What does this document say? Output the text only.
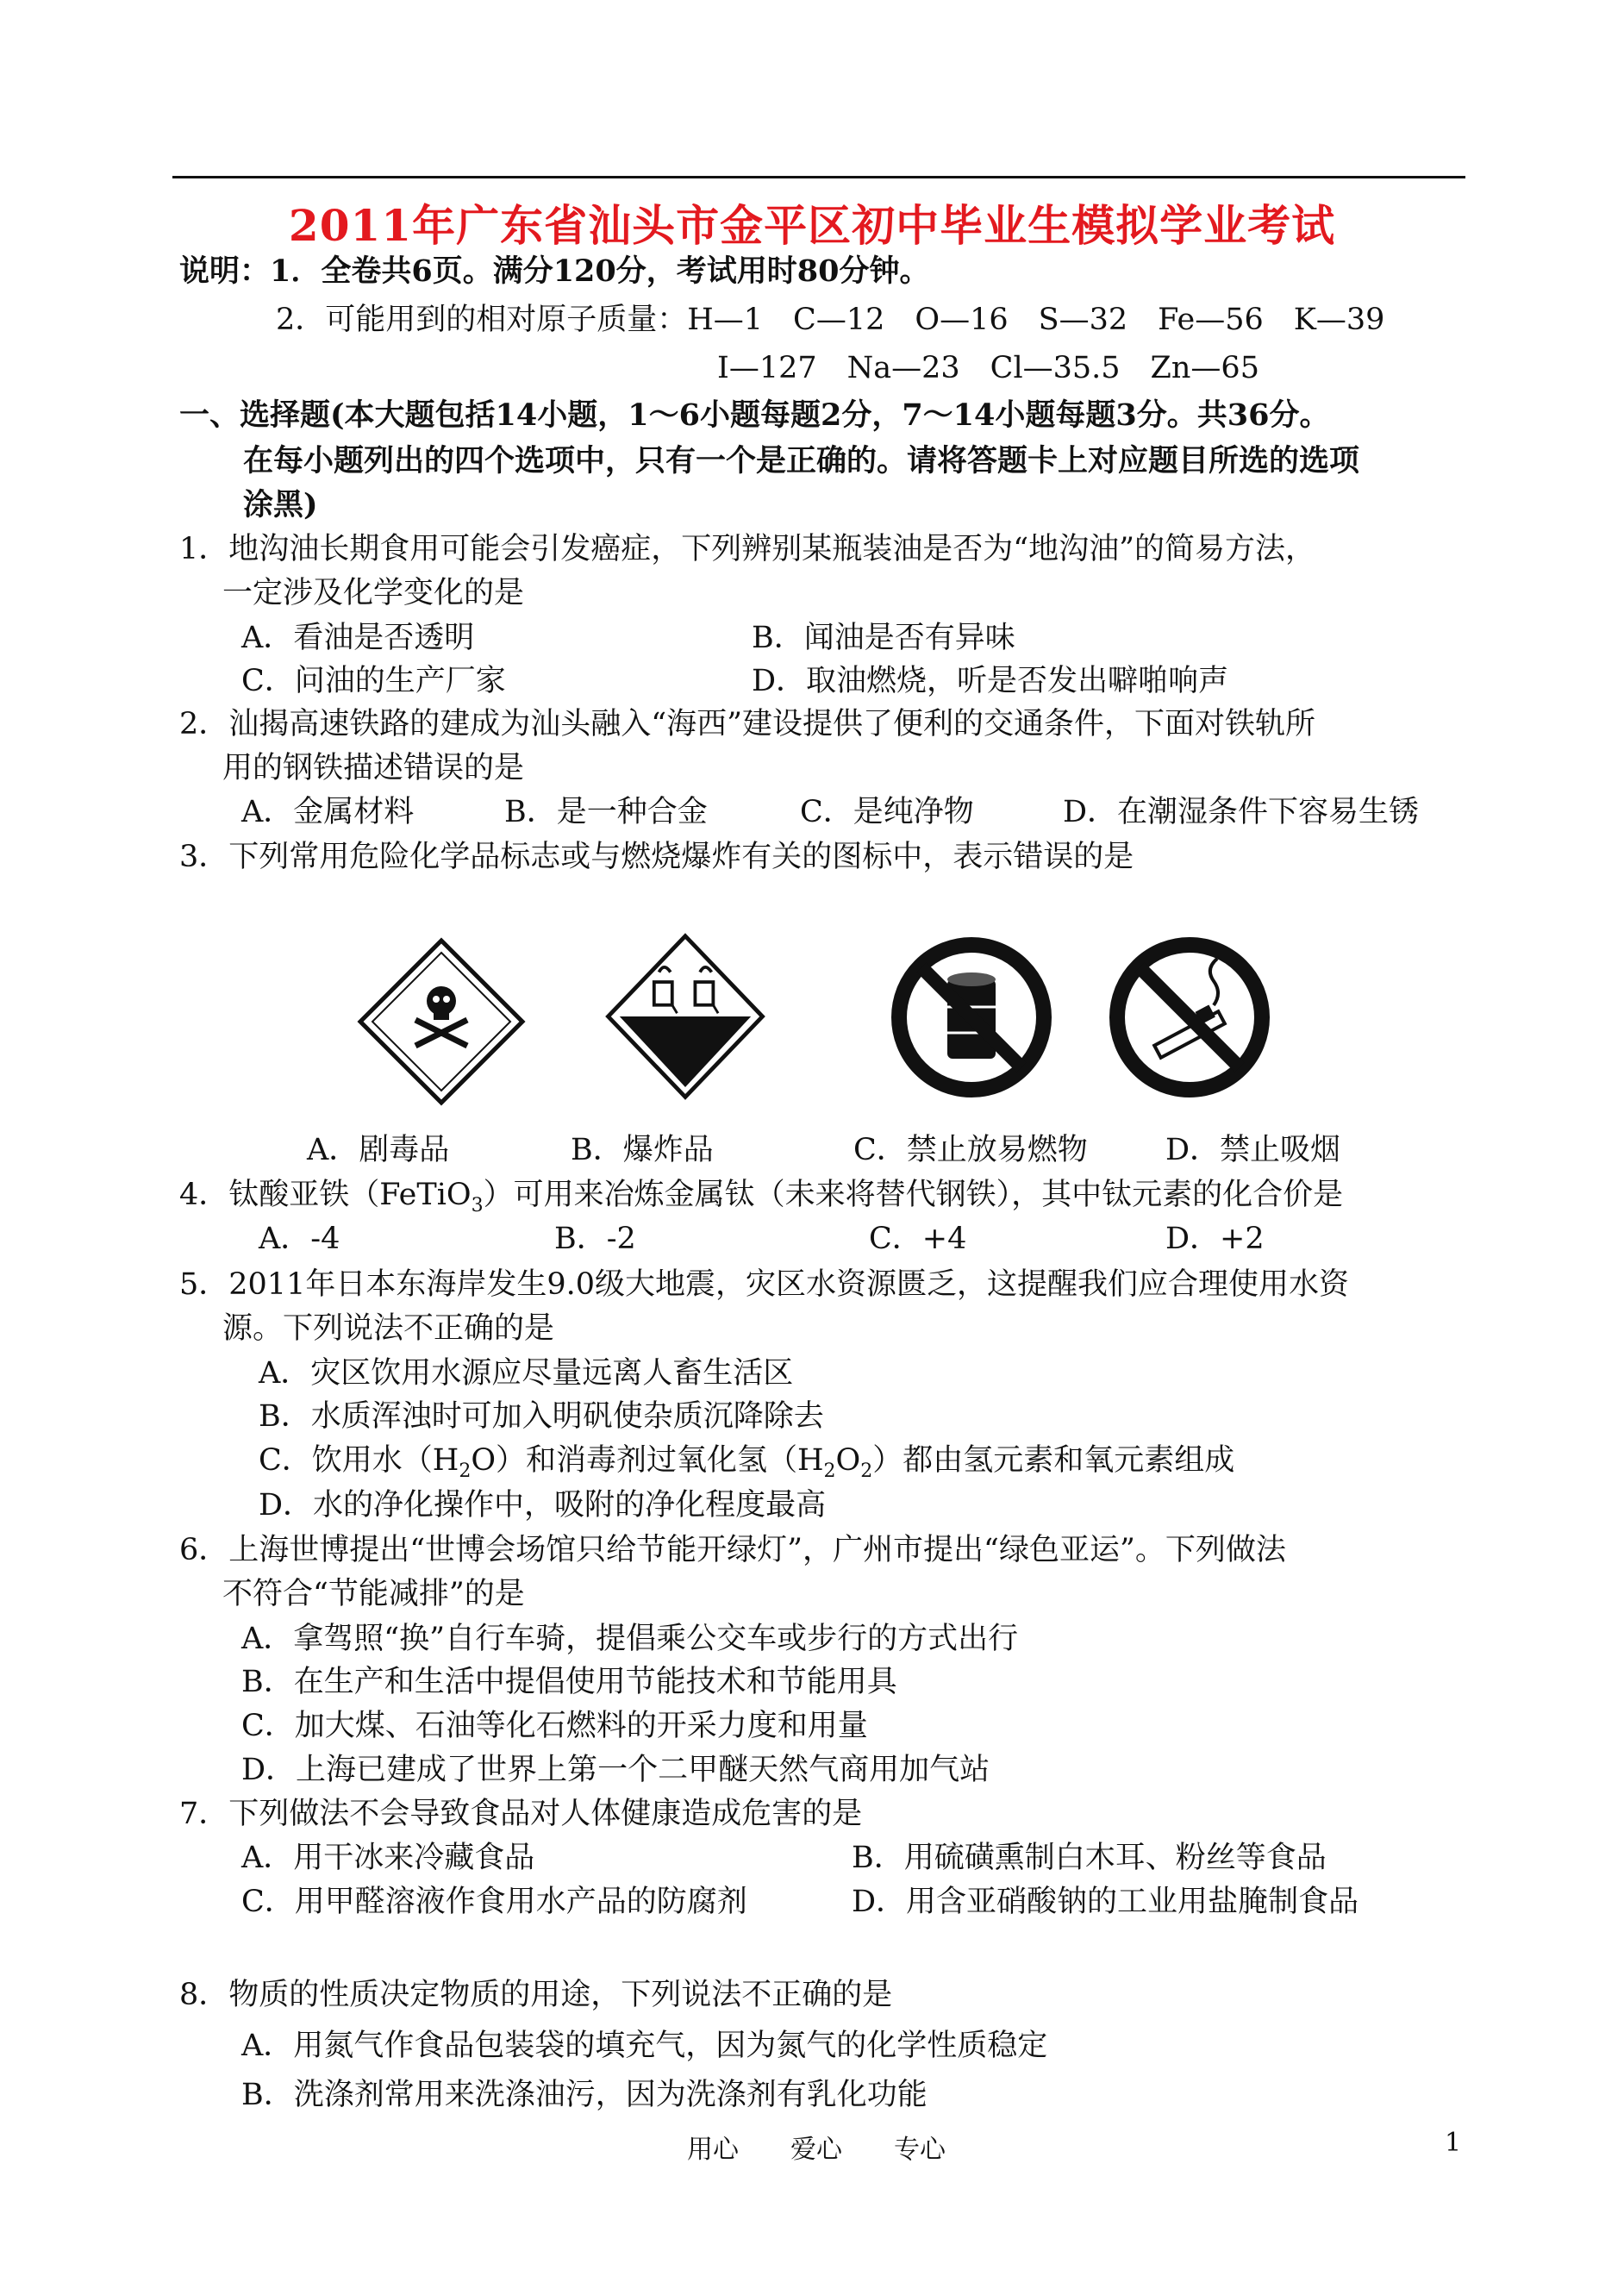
2011年广东省汕头市金平区初中毕业生模拟学业考试
说明：1．全卷共6页。满分120分，考试用时80分钟。
2．可能用到的相对原子质量：H—1　C—12　O—16　S—32　Fe—56　K—39
I—127　Na—23　Cl—35.5　Zn—65
一、选择题(本大题包括14小题，1～6小题每题2分，7～14小题每题3分。共36分。
在每小题列出的四个选项中，只有一个是正确的。请将答题卡上对应题目所选的选项
涂黑)
1．地沟油长期食用可能会引发癌症，下列辨别某瓶装油是否为“地沟油”的简易方法，
一定涉及化学变化的是
A．看油是否透明	B．闻油是否有异味
C．问油的生产厂家	D．取油燃烧，听是否发出噼啪响声
2．汕揭高速铁路的建成为汕头融入“海西”建设提供了便利的交通条件，下面对铁轨所
用的钢铁描述错误的是
A．金属材料	B．是一种合金	C．是纯净物	D．在潮湿条件下容易生锈
3．下列常用危险化学品标志或与燃烧爆炸有关的图标中，表示错误的是
A．剧毒品	B．爆炸品	C．禁止放易燃物	D．禁止吸烟
4．钛酸亚铁（FeTiO$_3$）可用来冶炼金属钛（未来将替代钢铁），其中钛元素的化合价是
A．-4	B．-2	C．+4	D．+2
5．2011年日本东海岸发生9.0级大地震，灾区水资源匮乏，这提醒我们应合理使用水资
源。下列说法不正确的是
A．灾区饮用水源应尽量远离人畜生活区
B．水质浑浊时可加入明矾使杂质沉降除去
C．饮用水$(H_2O)$和消毒剂过氧化氢$(H_2O_2)$都由氢元素和氧元素组成
D．水的净化操作中，吸附的净化程度最高
6．上海世博提出“世博会场馆只给节能开绿灯”，广州市提出“绿色亚运”。下列做法
不符合“节能减排”的是
A．拿驾照“换”自行车骑，提倡乘公交车或步行的方式出行
B．在生产和生活中提倡使用节能技术和节能用具
C．加大煤、石油等化石燃料的开采力度和用量
D．上海已建成了世界上第一个二甲醚天然气商用加气站
7．下列做法不会导致食品对人体健康造成危害的是
A．用干冰来冷藏食品	B．用硫磺熏制白木耳、粉丝等食品
C．用甲醛溶液作食用水产品的防腐剂	D．用含亚硝酸钠的工业用盐腌制食品
8．物质的性质决定物质的用途，下列说法不正确的是
A．用氮气作食品包装袋的填充气，因为氮气的化学性质稳定
B．洗涤剂常用来洗涤油污，因为洗涤剂有乳化功能
用心　　爱心　　专心	1
